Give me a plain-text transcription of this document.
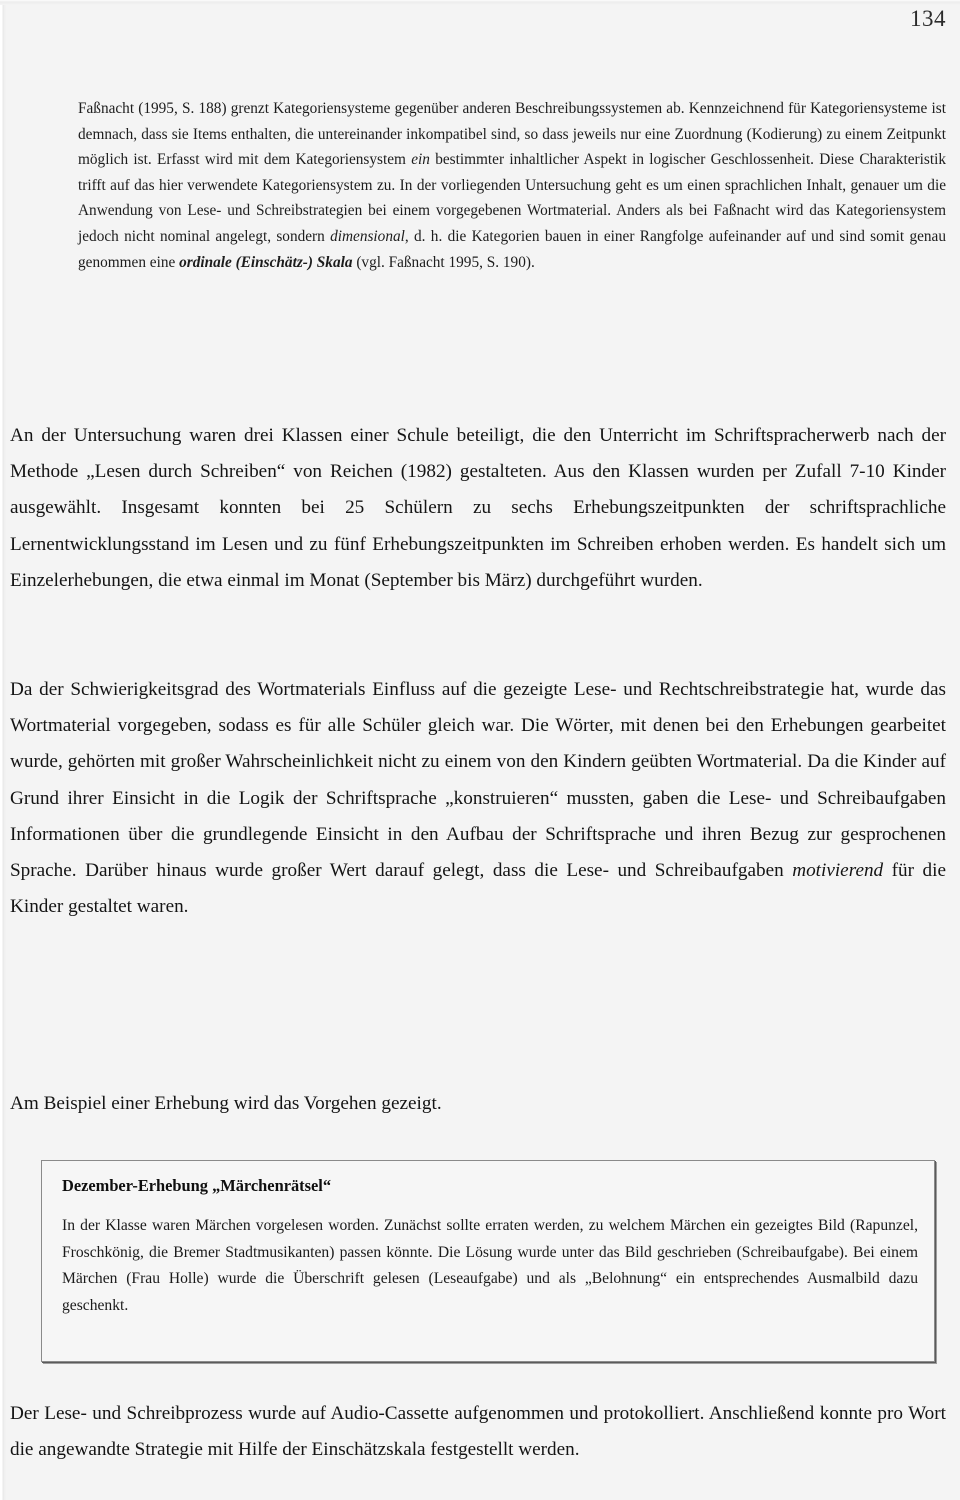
134

Faßnacht (1995, S. 188) grenzt Kategoriensysteme gegenüber anderen Beschreibungssystemen ab. Kennzeichnend für Kategoriensysteme ist demnach, dass sie Items enthalten, die untereinander inkompatibel sind, so dass jeweils nur eine Zuordnung (Kodierung) zu einem Zeitpunkt möglich ist. Erfasst wird mit dem Kategoriensystem ein bestimmter inhaltlicher Aspekt in logischer Geschlossenheit. Diese Charakteristik trifft auf das hier verwendete Kategoriensystem zu. In der vorliegenden Untersuchung geht es um einen sprachlichen Inhalt, genauer um die Anwendung von Lese- und Schreibstrategien bei einem vorgegebenen Wortmaterial. Anders als bei Faßnacht wird das Kategoriensystem jedoch nicht nominal angelegt, sondern dimensional, d. h. die Kategorien bauen in einer Rangfolge aufeinander auf und sind somit genau genommen eine ordinale (Einschätz-) Skala (vgl. Faßnacht 1995, S. 190).

An der Untersuchung waren drei Klassen einer Schule beteiligt, die den Unterricht im Schriftspracherwerb nach der Methode „Lesen durch Schreiben“ von Reichen (1982) gestalteten. Aus den Klassen wurden per Zufall 7-10 Kinder ausgewählt. Insgesamt konnten bei 25 Schülern zu sechs Erhebungszeitpunkten der schriftsprachliche Lernentwicklungsstand im Lesen und zu fünf Erhebungszeitpunkten im Schreiben erhoben werden. Es handelt sich um Einzelerhebungen, die etwa einmal im Monat (September bis März) durchgeführt wurden.

Da der Schwierigkeitsgrad des Wortmaterials Einfluss auf die gezeigte Lese- und Rechtschreibstrategie hat, wurde das Wortmaterial vorgegeben, sodass es für alle Schüler gleich war. Die Wörter, mit denen bei den Erhebungen gearbeitet wurde, gehörten mit großer Wahrscheinlichkeit nicht zu einem von den Kindern geübten Wortmaterial. Da die Kinder auf Grund ihrer Einsicht in die Logik der Schriftsprache „konstruieren“ mussten, gaben die Lese- und Schreibaufgaben Informationen über die grundlegende Einsicht in den Aufbau der Schriftsprache und ihren Bezug zur gesprochenen Sprache. Darüber hinaus wurde großer Wert darauf gelegt, dass die Lese- und Schreibaufgaben motivierend für die Kinder gestaltet waren.

Am Beispiel einer Erhebung wird das Vorgehen gezeigt.

Dezember-Erhebung „Märchenrätsel“

In der Klasse waren Märchen vorgelesen worden. Zunächst sollte erraten werden, zu welchem Märchen ein gezeigtes Bild (Rapunzel, Froschkönig, die Bremer Stadtmusikanten) passen könnte. Die Lösung wurde unter das Bild geschrieben (Schreibaufgabe). Bei einem Märchen (Frau Holle) wurde die Überschrift gelesen (Leseaufgabe) und als „Belohnung“ ein entsprechendes Ausmalbild dazu geschenkt.

Der Lese- und Schreibprozess wurde auf Audio-Cassette aufgenommen und protokolliert. Anschließend konnte pro Wort die angewandte Strategie mit Hilfe der Einschätzskala festgestellt werden.
